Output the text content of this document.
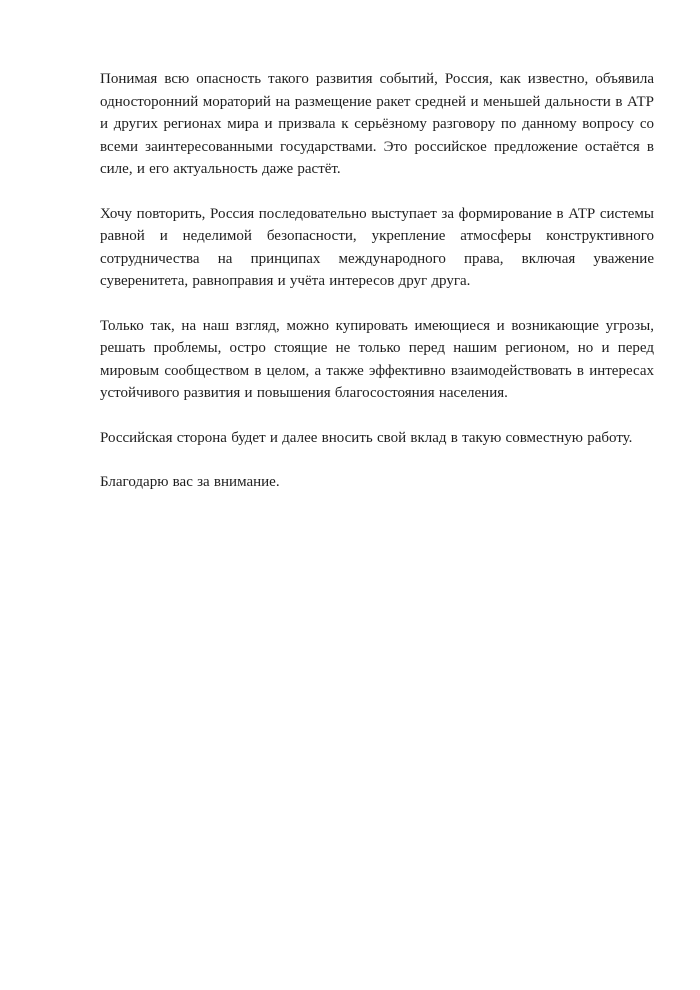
Понимая всю опасность такого развития событий, Россия, как известно, объявила односторонний мораторий на размещение ракет средней и меньшей дальности в АТР и других регионах мира и призвала к серьёзному разговору по данному вопросу со всеми заинтересованными государствами. Это российское предложение остаётся в силе, и его актуальность даже растёт.

Хочу повторить, Россия последовательно выступает за формирование в АТР системы равной и неделимой безопасности, укрепление атмосферы конструктивного сотрудничества на принципах международного права, включая уважение суверенитета, равноправия и учёта интересов друг друга.

Только так, на наш взгляд, можно купировать имеющиеся и возникающие угрозы, решать проблемы, остро стоящие не только перед нашим регионом, но и перед мировым сообществом в целом, а также эффективно взаимодействовать в интересах устойчивого развития и повышения благосостояния населения.

Российская сторона будет и далее вносить свой вклад в такую совместную работу.

Благодарю вас за внимание.
